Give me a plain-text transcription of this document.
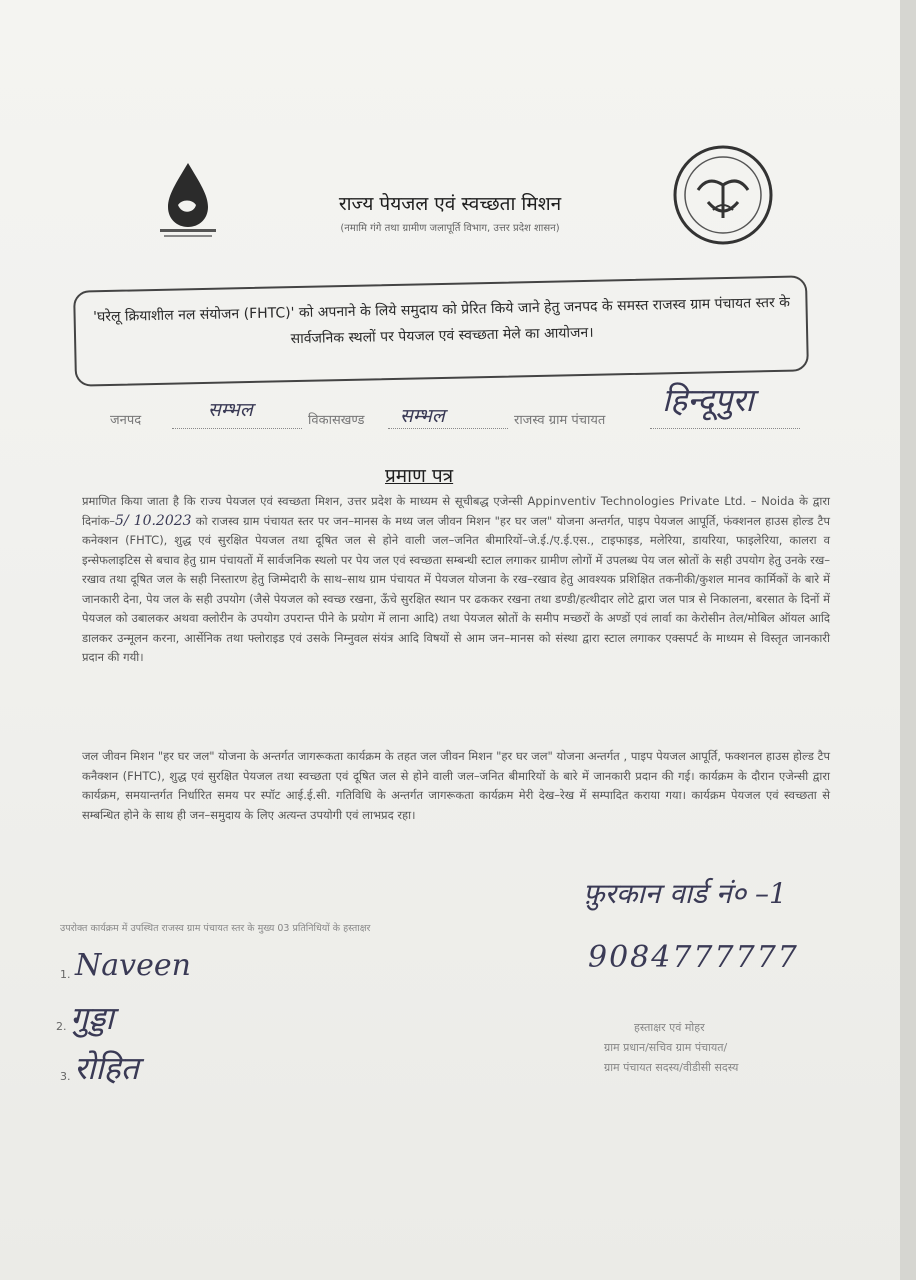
राज्य पेयजल एवं स्वच्छता मिशन
(नमामि गंगे तथा ग्रामीण जलापूर्ति विभाग, उत्तर प्रदेश शासन)
'घरेलू क्रियाशील नल संयोजन (FHTC)' को अपनाने के लिये समुदाय को प्रेरित किये जाने हेतु जनपद के समस्त राजस्व ग्राम पंचायत स्तर के सार्वजनिक स्थलों पर पेयजल एवं स्वच्छता मेले का आयोजन।
जनपद	सम्भल	विकासखण्ड सम्भल	राजस्व ग्राम पंचायत
हिन्दूपुरा
प्रमाण पत्र
प्रमाणित किया जाता है कि राज्य पेयजल एवं स्वच्छता मिशन, उत्तर प्रदेश के माध्यम से सूचीबद्ध एजेन्सी Appinventiv Technologies Private Ltd. – Noida के द्वारा दिनांक–5/ 10.2023 को राजस्व ग्राम पंचायत स्तर पर जन–मानस के मध्य जल जीवन मिशन "हर घर जल" योजना अन्तर्गत, पाइप पेयजल आपूर्ति, फंक्शनल हाउस होल्ड टैप कनेक्शन (FHTC), शुद्ध एवं सुरक्षित पेयजल तथा दूषित जल से होने वाली जल–जनित बीमारियों–जे.ई./ए.ई.एस., टाइफाइड, मलेरिया, डायरिया, फाइलेरिया, कालरा व इन्सेफलाइटिस से बचाव हेतु ग्राम पंचायतों में सार्वजनिक स्थलो पर पेय जल एवं स्वच्छता सम्बन्धी स्टाल लगाकर ग्रामीण लोगों में उपलब्ध पेय जल स्रोतों के सही उपयोग हेतु उनके रख–रखाव तथा दूषित जल के सही निस्तारण हेतु जिम्मेदारी के साथ–साथ ग्राम पंचायत में पेयजल योजना के रख–रखाव हेतु आवश्यक प्रशिक्षित तकनीकी/कुशल मानव कार्मिकों के बारे में जानकारी देना, पेय जल के सही उपयोग (जैसे पेयजल को स्वच्छ रखना, ऊँचे सुरक्षित स्थान पर ढककर रखना तथा डण्डी/हत्थीदार लोटे द्वारा जल पात्र से निकालना, बरसात के दिनों में पेयजल को उबालकर अथवा क्लोरीन के उपयोग उपरान्त पीने के प्रयोग में लाना आदि) तथा पेयजल स्रोतों के समीप मच्छरों के अण्डों एवं लार्वा का केरोसीन तेल/मोबिल ऑयल आदि डालकर उन्मूलन करना, आर्सेनिक तथा फ्लोराइड एवं उसके निम्नुवल संयंत्र आदि विषयों से आम जन–मानस को संस्था द्वारा स्टाल लगाकर एक्सपर्ट के माध्यम से विस्तृत जानकारी प्रदान की गयी।
जल जीवन मिशन "हर घर जल" योजना के अन्तर्गत जागरूकता कार्यक्रम के तहत जल जीवन मिशन "हर घर जल" योजना अन्तर्गत , पाइप पेयजल आपूर्ति, फक्शनल हाउस होल्ड टैप कनैक्शन (FHTC), शुद्ध एवं सुरक्षित पेयजल तथा स्वच्छता एवं दूषित जल से होने वाली जल–जनित बीमारियों के बारे में जानकारी प्रदान की गई। कार्यक्रम के दौरान एजेन्सी द्वारा कार्यक्रम, समयान्तर्गत निर्धारित समय पर स्पॉट आई.ई.सी. गतिविधि के अन्तर्गत जागरूकता कार्यक्रम मेरी देख–रेख में सम्पादित कराया गया। कार्यक्रम पेयजल एवं स्वच्छता से सम्बन्धित होने के साथ ही जन–समुदाय के लिए अत्यन्त उपयोगी एवं लाभप्रद रहा।
फ़ुरकान वार्ड नं० –1
9084777777
उपरोक्त कार्यक्रम में उपस्थित राजस्व ग्राम पंचायत स्तर के मुख्य 03 प्रतिनिधियों के हस्ताक्षर
1. Naveen
2. गुड्डा
3. रोहित
हस्ताक्षर एवं मोहर
ग्राम प्रधान/सचिव ग्राम पंचायत/
ग्राम पंचायत सदस्य/वीडीसी सदस्य
